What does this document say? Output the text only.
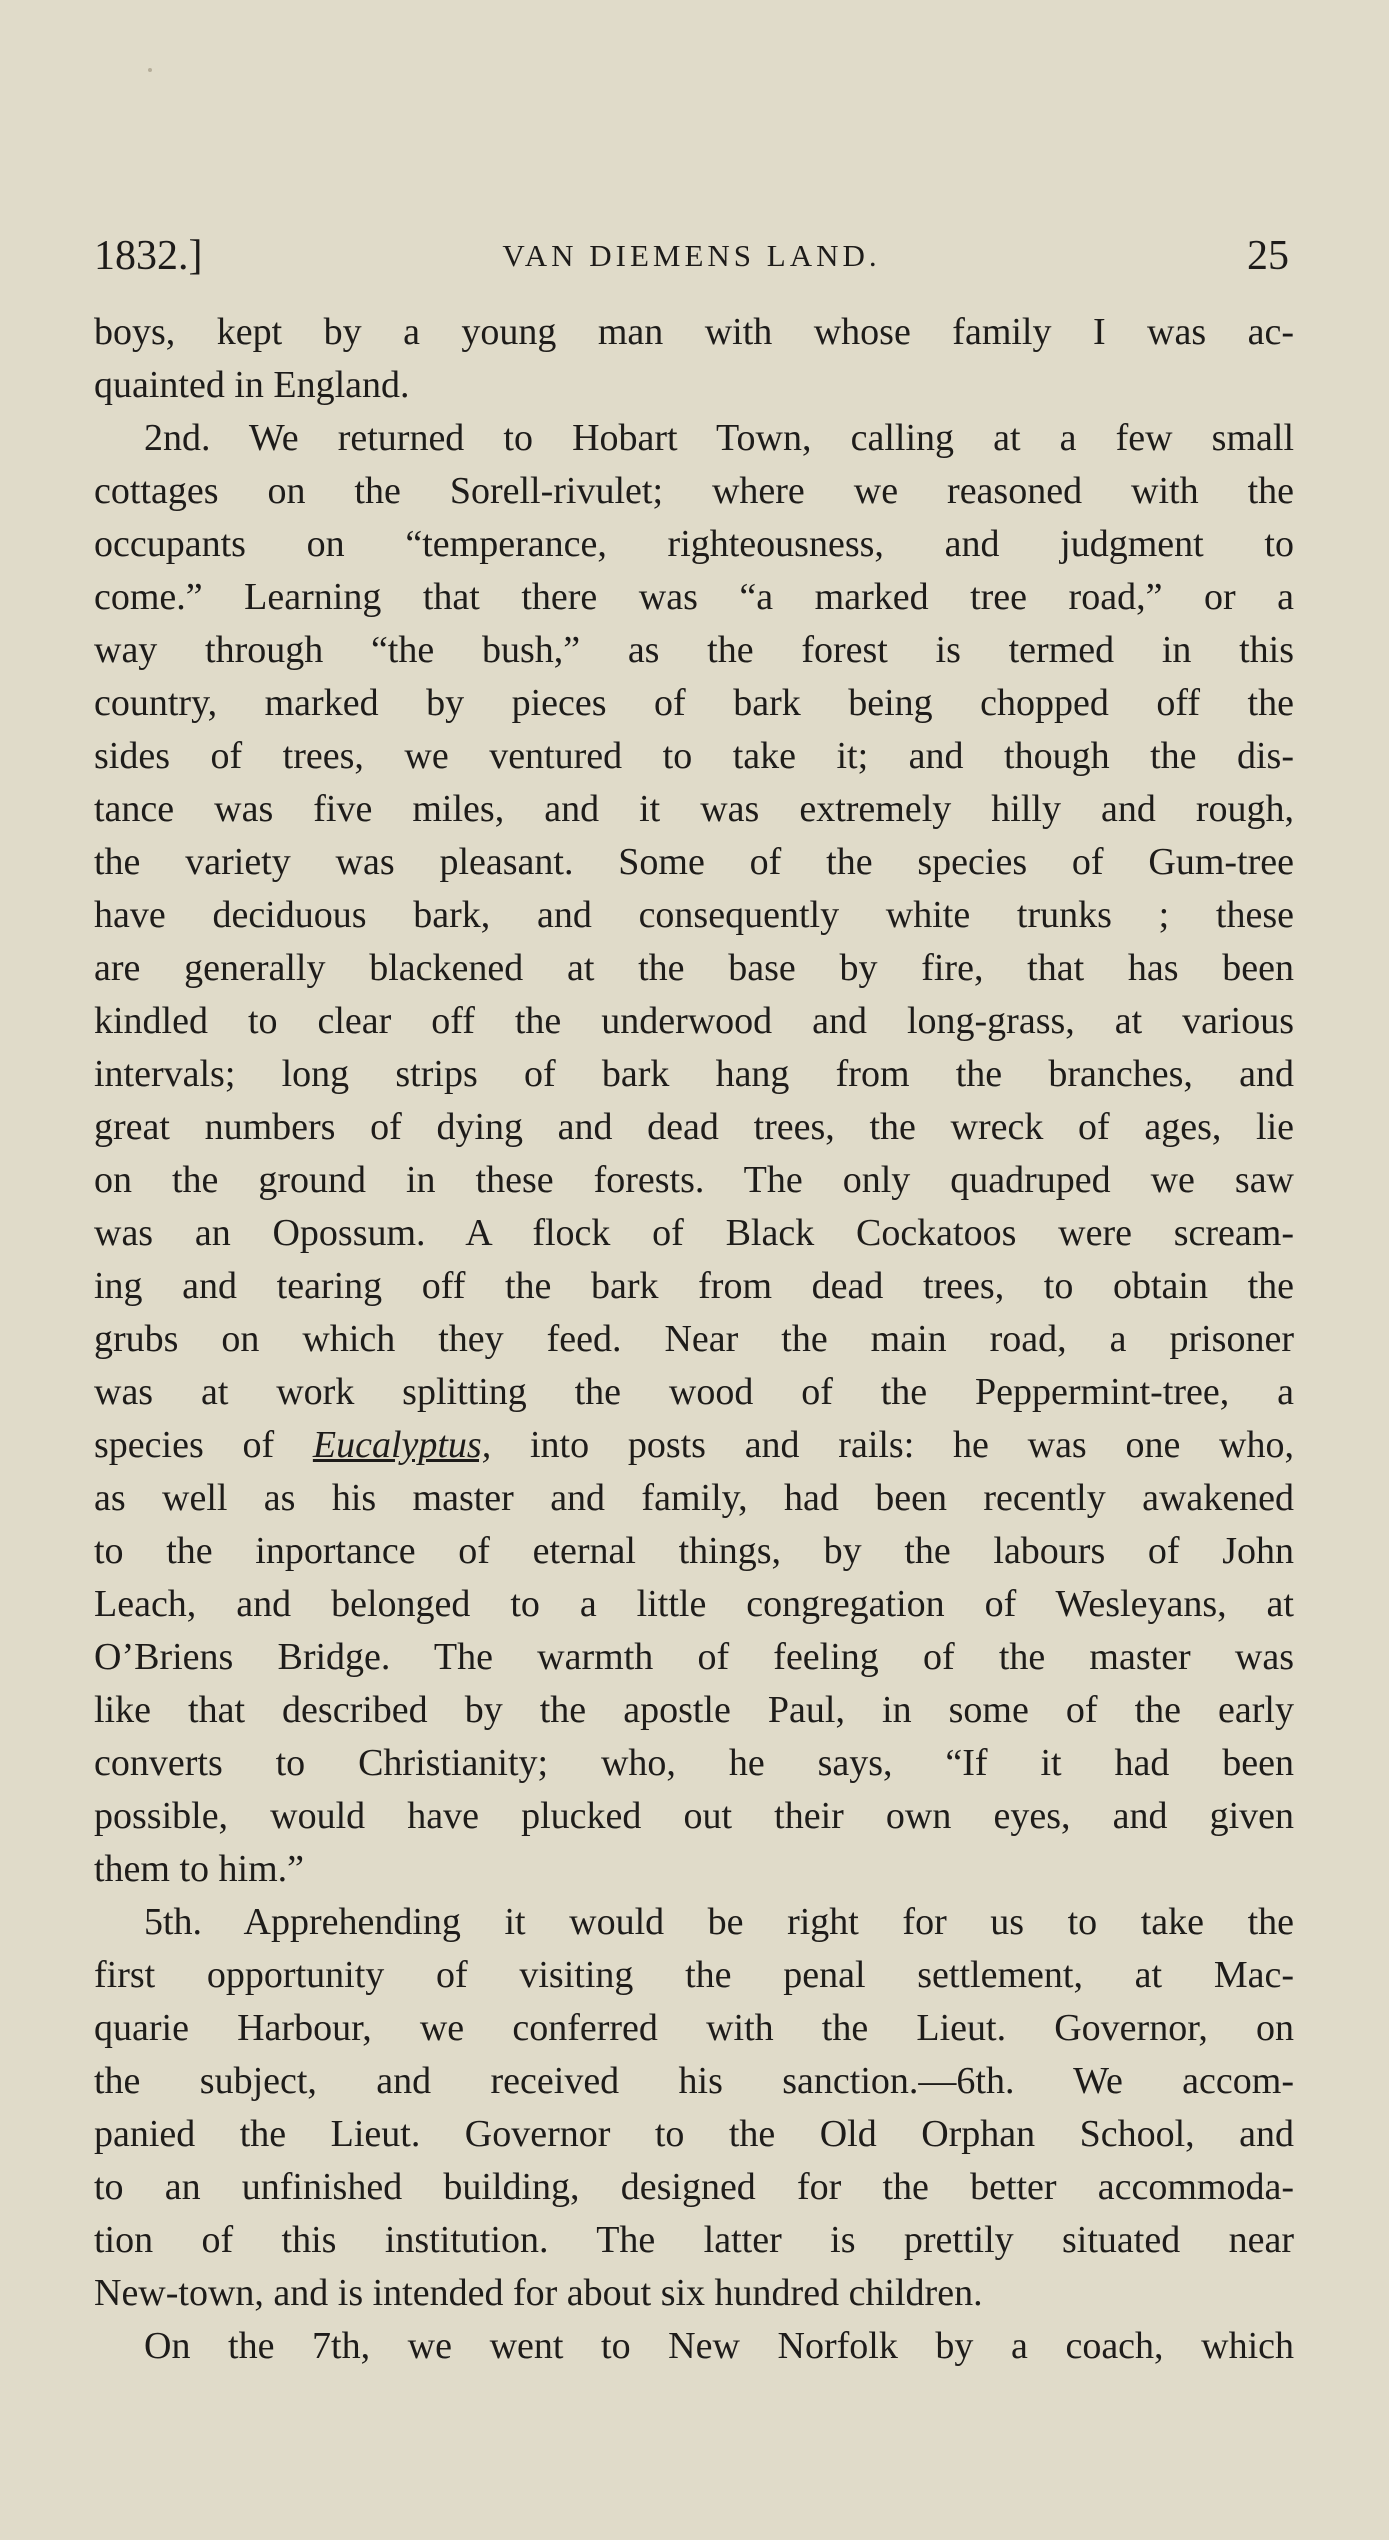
1832.]	VAN DIEMENS LAND.	25
boys, kept by a young man with whose family I was ac-
quainted in England.
2nd. We returned to Hobart Town, calling at a few small
cottages on the Sorell-rivulet; where we reasoned with the
occupants on “temperance, righteousness, and judgment to
come.” Learning that there was “a marked tree road,” or a
way through “the bush,” as the forest is termed in this
country, marked by pieces of bark being chopped off the
sides of trees, we ventured to take it; and though the dis-
tance was five miles, and it was extremely hilly and rough,
the variety was pleasant. Some of the species of Gum-tree
have deciduous bark, and consequently white trunks ; these
are generally blackened at the base by fire, that has been
kindled to clear off the underwood and long-grass, at various
intervals; long strips of bark hang from the branches, and
great numbers of dying and dead trees, the wreck of ages, lie
on the ground in these forests. The only quadruped we saw
was an Opossum. A flock of Black Cockatoos were scream-
ing and tearing off the bark from dead trees, to obtain the
grubs on which they feed. Near the main road, a prisoner
was at work splitting the wood of the Peppermint-tree, a
species of Eucalyptus, into posts and rails: he was one who,
as well as his master and family, had been recently awakened
to the inportance of eternal things, by the labours of John
Leach, and belonged to a little congregation of Wesleyans, at
O’Briens Bridge. The warmth of feeling of the master was
like that described by the apostle Paul, in some of the early
converts to Christianity; who, he says, “If it had been
possible, would have plucked out their own eyes, and given
them to him.”
5th. Apprehending it would be right for us to take the
first opportunity of visiting the penal settlement, at Mac-
quarie Harbour, we conferred with the Lieut. Governor, on
the subject, and received his sanction.—6th. We accom-
panied the Lieut. Governor to the Old Orphan School, and
to an unfinished building, designed for the better accommoda-
tion of this institution. The latter is prettily situated near
New-town, and is intended for about six hundred children.
On the 7th, we went to New Norfolk by a coach, which
